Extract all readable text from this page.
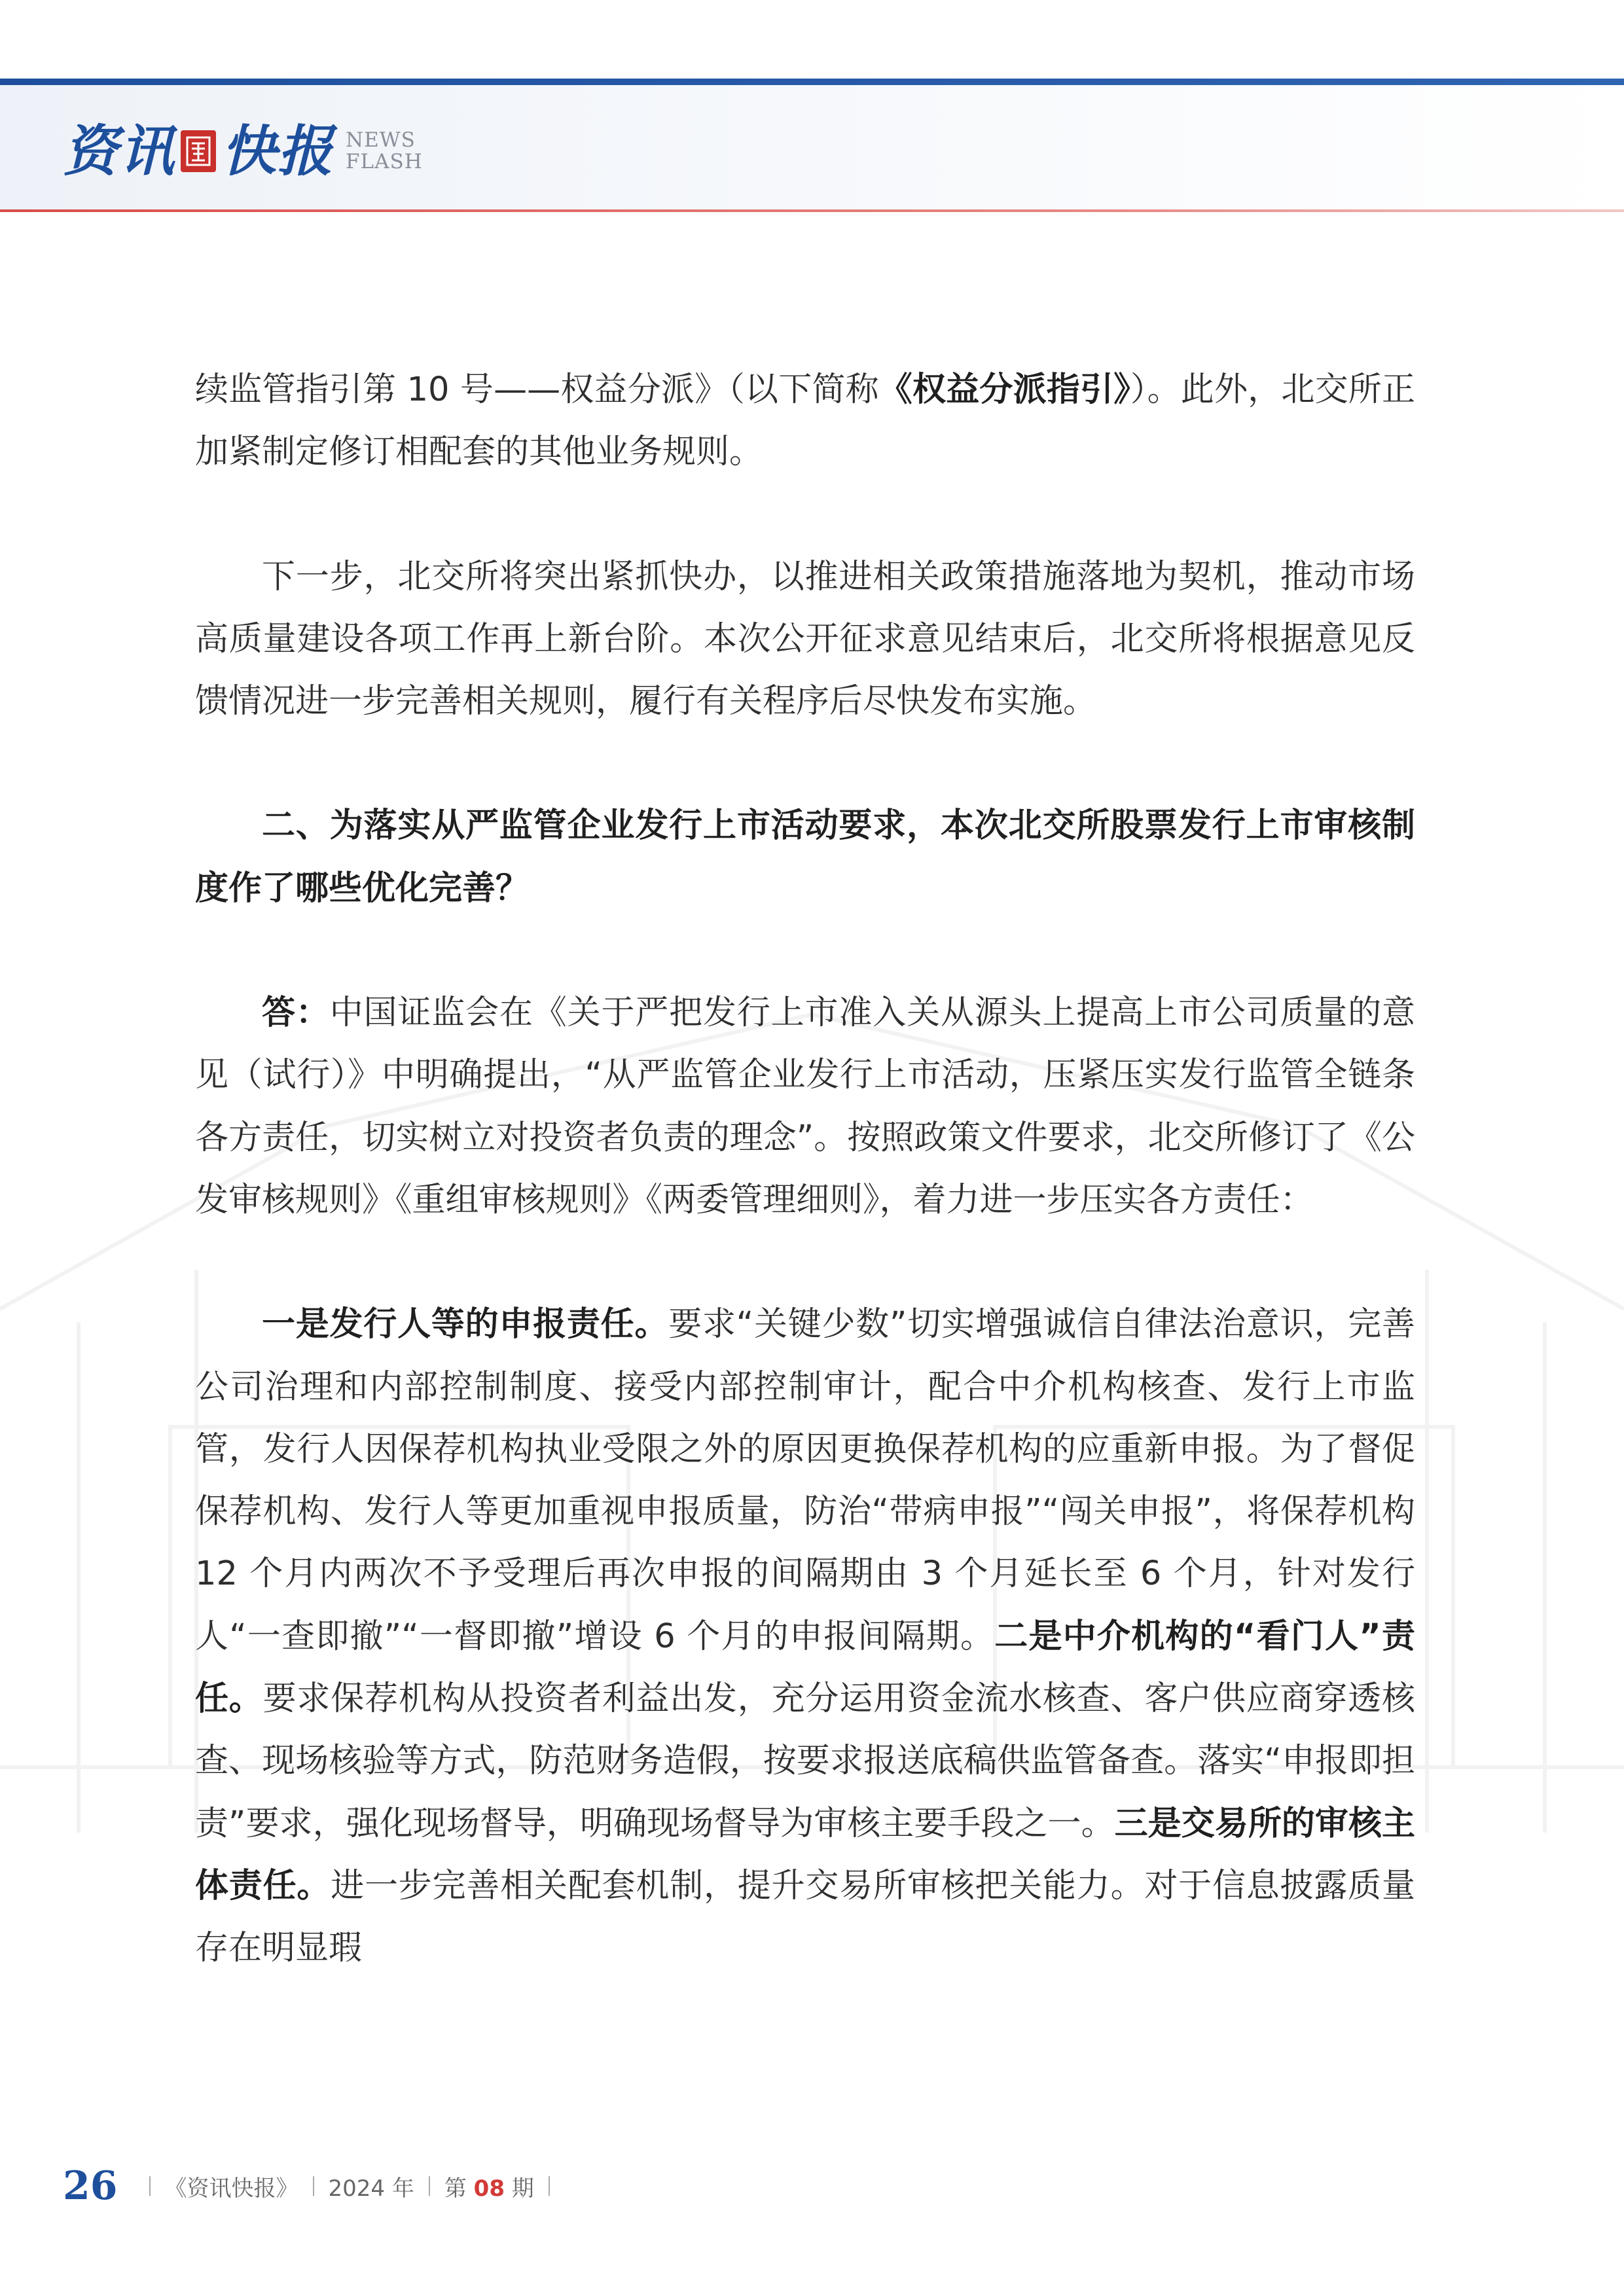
资讯 快报 NEWS
FLASH

续监管指引第 10 号——权益分派》（以下简称《权益分派指引》）。此外，北交所正加紧制定修订相配套的其他业务规则。

下一步，北交所将突出紧抓快办，以推进相关政策措施落地为契机，推动市场高质量建设各项工作再上新台阶。本次公开征求意见结束后，北交所将根据意见反馈情况进一步完善相关规则，履行有关程序后尽快发布实施。

二、为落实从严监管企业发行上市活动要求，本次北交所股票发行上市审核制度作了哪些优化完善？

答：中国证监会在《关于严把发行上市准入关从源头上提高上市公司质量的意见（试行）》中明确提出，“从严监管企业发行上市活动，压紧压实发行监管全链条各方责任，切实树立对投资者负责的理念”。按照政策文件要求，北交所修订了《公发审核规则》《重组审核规则》《两委管理细则》，着力进一步压实各方责任：

一是发行人等的申报责任。要求“关键少数”切实增强诚信自律法治意识，完善公司治理和内部控制制度、接受内部控制审计，配合中介机构核查、发行上市监管，发行人因保荐机构执业受限之外的原因更换保荐机构的应重新申报。为了督促保荐机构、发行人等更加重视申报质量，防治“带病申报”“闯关申报”，将保荐机构 12 个月内两次不予受理后再次申报的间隔期由 3 个月延长至 6 个月，针对发行人“一查即撤”“一督即撤”增设 6 个月的申报间隔期。二是中介机构的“看门人”责任。要求保荐机构从投资者利益出发，充分运用资金流水核查、客户供应商穿透核查、现场核验等方式，防范财务造假，按要求报送底稿供监管备查。落实“申报即担责”要求，强化现场督导，明确现场督导为审核主要手段之一。三是交易所的审核主体责任。进一步完善相关配套机制，提升交易所审核把关能力。对于信息披露质量存在明显瑕

26 《资讯快报》 2024 年 第 08 期
